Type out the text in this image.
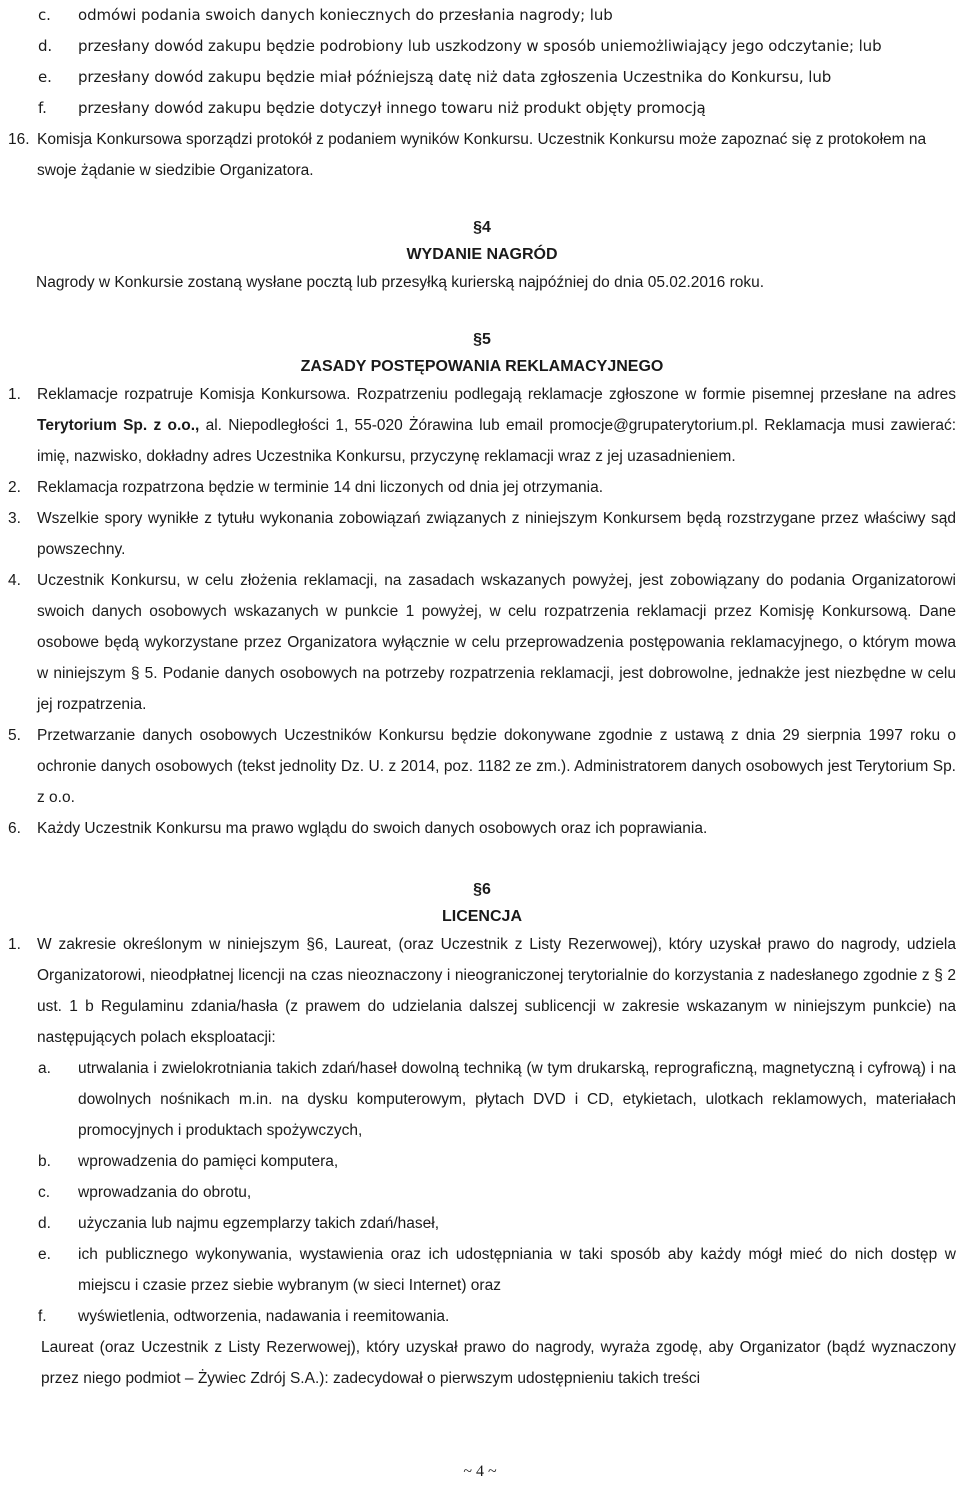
c. odmówi podania swoich danych koniecznych do przesłania nagrody; lub
d. przesłany dowód zakupu będzie podrobiony lub uszkodzony w sposób uniemożliwiający jego odczytanie; lub
e. przesłany dowód zakupu będzie miał późniejszą datę niż data zgłoszenia Uczestnika do Konkursu, lub
f. przesłany dowód zakupu będzie dotyczył innego towaru niż produkt objęty promocją
16. Komisja Konkursowa sporządzi protokół z podaniem wyników Konkursu. Uczestnik Konkursu może zapoznać się z protokołem na swoje żądanie w siedzibie Organizatora.
§4
WYDANIE NAGRÓD
Nagrody w Konkursie zostaną wysłane pocztą lub przesyłką kurierską najpóźniej do dnia 05.02.2016 roku.
§5
ZASADY POSTĘPOWANIA REKLAMACYJNEGO
1. Reklamacje rozpatruje Komisja Konkursowa. Rozpatrzeniu podlegają reklamacje zgłoszone w formie pisemnej przesłane na adres Terytorium Sp. z o.o., al. Niepodległości 1, 55-020 Żórawina lub email promocje@grupaterytorium.pl. Reklamacja musi zawierać: imię, nazwisko, dokładny adres Uczestnika Konkursu, przyczynę reklamacji wraz z jej uzasadnieniem.
2. Reklamacja rozpatrzona będzie w terminie 14 dni liczonych od dnia jej otrzymania.
3. Wszelkie spory wynikłe z tytułu wykonania zobowiązań związanych z niniejszym Konkursem będą rozstrzygane przez właściwy sąd powszechny.
4. Uczestnik Konkursu, w celu złożenia reklamacji, na zasadach wskazanych powyżej, jest zobowiązany do podania Organizatorowi swoich danych osobowych wskazanych w punkcie 1 powyżej, w celu rozpatrzenia reklamacji przez Komisję Konkursową. Dane osobowe będą wykorzystane przez Organizatora wyłącznie w celu przeprowadzenia postępowania reklamacyjnego, o którym mowa w niniejszym § 5. Podanie danych osobowych na potrzeby rozpatrzenia reklamacji, jest dobrowolne, jednakże jest niezbędne w celu jej rozpatrzenia.
5. Przetwarzanie danych osobowych Uczestników Konkursu będzie dokonywane zgodnie z ustawą z dnia 29 sierpnia 1997 roku o ochronie danych osobowych (tekst jednolity Dz. U. z 2014, poz. 1182 ze zm.). Administratorem danych osobowych jest Terytorium Sp. z o.o.
6. Każdy Uczestnik Konkursu ma prawo wglądu do swoich danych osobowych oraz ich poprawiania.
§6
LICENCJA
1. W zakresie określonym w niniejszym §6, Laureat, (oraz Uczestnik z Listy Rezerwowej), który uzyskał prawo do nagrody, udziela Organizatorowi, nieodpłatnej licencji na czas nieoznaczony i nieograniczonej terytorialnie do korzystania z nadesłanego zgodnie z § 2 ust. 1 b Regulaminu zdania/hasła (z prawem do udzielania dalszej sublicencji w zakresie wskazanym w niniejszym punkcie) na następujących polach eksploatacji:
a. utrwalania i zwielokrotniania takich zdań/haseł dowolną techniką (w tym drukarską, reprograficzną, magnetyczną i cyfrową) i na dowolnych nośnikach m.in. na dysku komputerowym, płytach DVD i CD, etykietach, ulotkach reklamowych, materiałach promocyjnych i produktach spożywczych,
b. wprowadzenia do pamięci komputera,
c. wprowadzania do obrotu,
d. użyczania lub najmu egzemplarzy takich zdań/haseł,
e. ich publicznego wykonywania, wystawienia oraz ich udostępniania w taki sposób aby każdy mógł mieć do nich dostęp w miejscu i czasie przez siebie wybranym (w sieci Internet) oraz
f. wyświetlenia, odtworzenia, nadawania i reemitowania.
Laureat (oraz Uczestnik z Listy Rezerwowej), który uzyskał prawo do nagrody, wyraża zgodę, aby Organizator (bądź wyznaczony przez niego podmiot – Żywiec Zdrój S.A.): zadecydował o pierwszym udostępnieniu takich treści
~ 4 ~
